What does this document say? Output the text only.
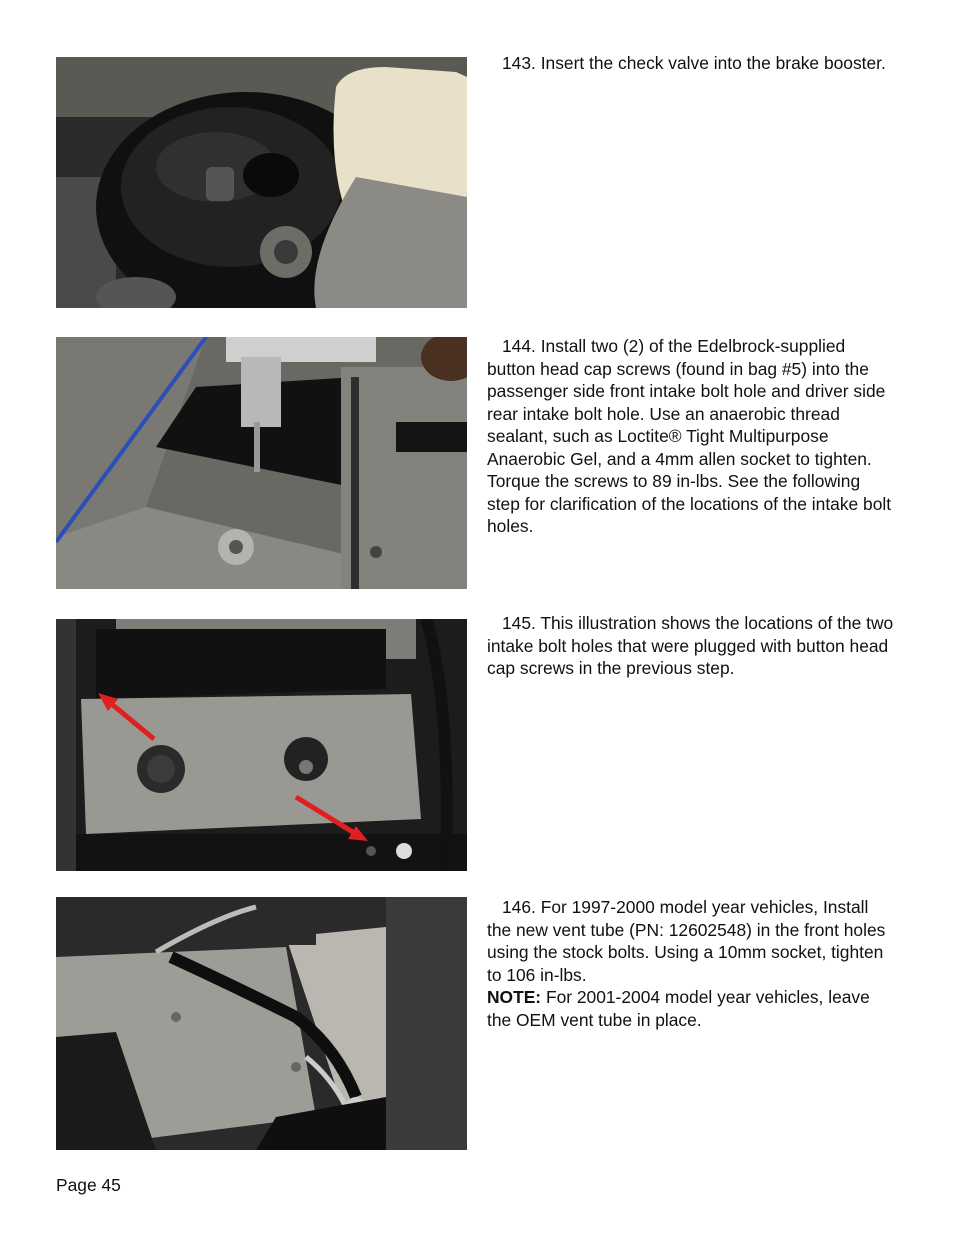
143. Insert the check valve into the brake booster.

144. Install two (2) of the Edelbrock-supplied button head cap screws (found in bag #5) into the passenger side front intake bolt hole and driver side rear intake bolt hole. Use an anaerobic thread sealant, such as Loctite® Tight Multipurpose Anaerobic Gel, and a 4mm allen socket to tighten. Torque the screws to 89 in-lbs. See the following step for clarification of the locations of the intake bolt holes.

145. This illustration shows the locations of the two intake bolt holes that were plugged with button head cap screws in the previous step.

146. For 1997-2000 model year vehicles, Install the new vent tube (PN: 12602548) in the front holes using the stock bolts. Using a 10mm socket, tighten to 106 in-lbs.

NOTE: For 2001-2004 model year vehicles, leave the OEM vent tube in place.

Page 45
